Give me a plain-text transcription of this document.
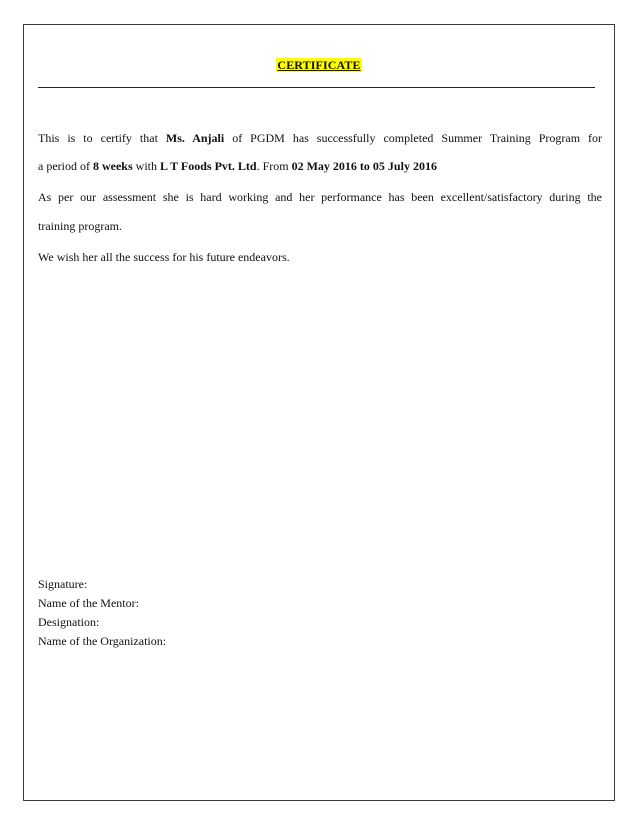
CERTIFICATE
This is to certify that Ms. Anjali of PGDM has successfully completed Summer Training Program for
a period of 8 weeks with L T Foods Pvt. Ltd. From 02 May 2016 to 05 July 2016
As per our assessment she is hard working and her performance has been excellent/satisfactory during the
training program.
We wish her all the success for his future endeavors.
Signature:
Name of the Mentor:
Designation:
Name of the Organization:
